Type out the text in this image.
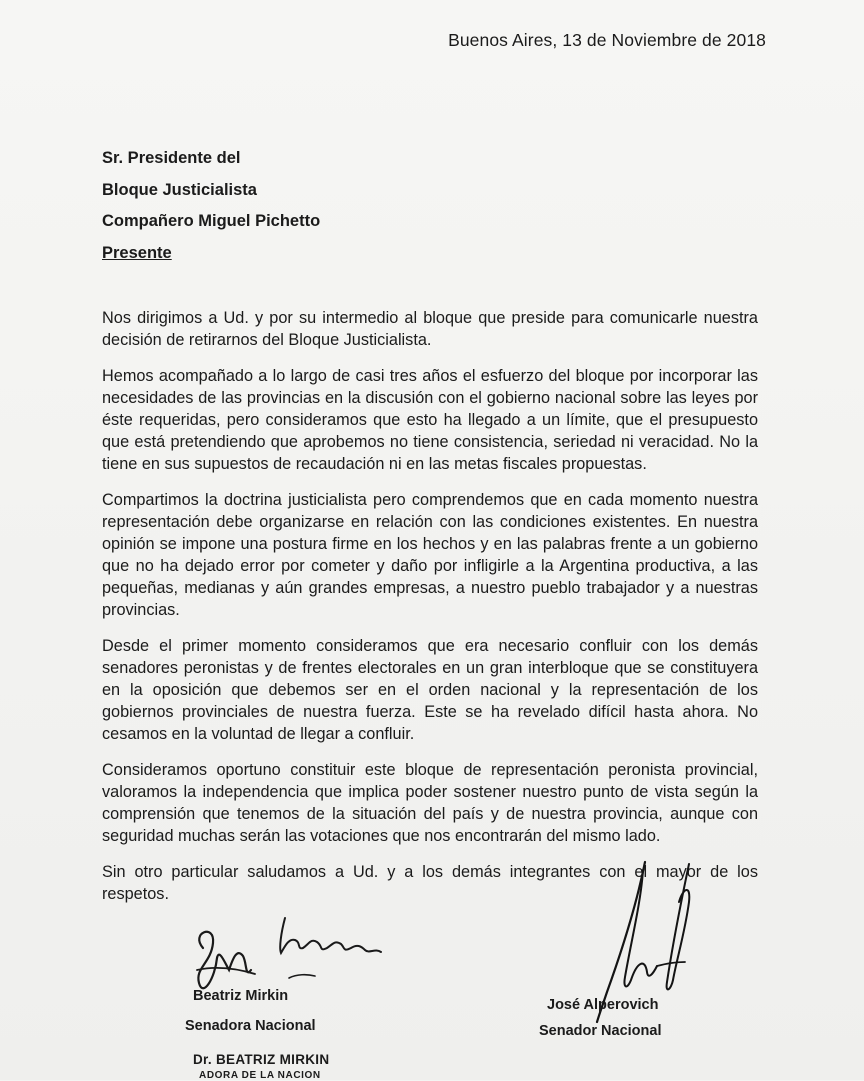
Buenos Aires, 13 de Noviembre de 2018
Sr. Presidente del
Bloque Justicialista
Compañero Miguel Pichetto
Presente

Nos dirigimos a Ud. y por su intermedio al bloque que preside para comunicarle nuestra decisión de retirarnos del Bloque Justicialista.

Hemos acompañado a lo largo de casi tres años el esfuerzo del bloque por incorporar las necesidades de las provincias en la discusión con el gobierno nacional sobre las leyes por éste requeridas, pero consideramos que esto ha llegado a un límite, que el presupuesto que está pretendiendo que aprobemos no tiene consistencia, seriedad ni veracidad. No la tiene en sus supuestos de recaudación ni en las metas fiscales propuestas.

Compartimos la doctrina justicialista pero comprendemos que en cada momento nuestra representación debe organizarse en relación con las condiciones existentes. En nuestra opinión se impone una postura firme en los hechos y en las palabras frente a un gobierno que no ha dejado error por cometer y daño por infligirle a la Argentina productiva, a las pequeñas, medianas y aún grandes empresas, a nuestro pueblo trabajador y a nuestras provincias.

Desde el primer momento consideramos que era necesario confluir con los demás senadores peronistas y de frentes electorales en un gran interbloque que se constituyera en la oposición que debemos ser en el orden nacional y la representación de los gobiernos provinciales de nuestra fuerza. Este se ha revelado difícil hasta ahora. No cesamos en la voluntad de llegar a confluir.

Consideramos oportuno constituir este bloque de representación peronista provincial, valoramos la independencia que implica poder sostener nuestro punto de vista según la comprensión que tenemos de la situación del país y de nuestra provincia, aunque con seguridad muchas serán las votaciones que nos encontrarán del mismo lado.

Sin otro particular saludamos a Ud. y a los demás integrantes con el mayor de los respetos.

Beatriz Mirkin
Senadora Nacional
Dr. BEATRIZ MIRKIN
ADORA DE LA NACION
José Alperovich
Senador Nacional
